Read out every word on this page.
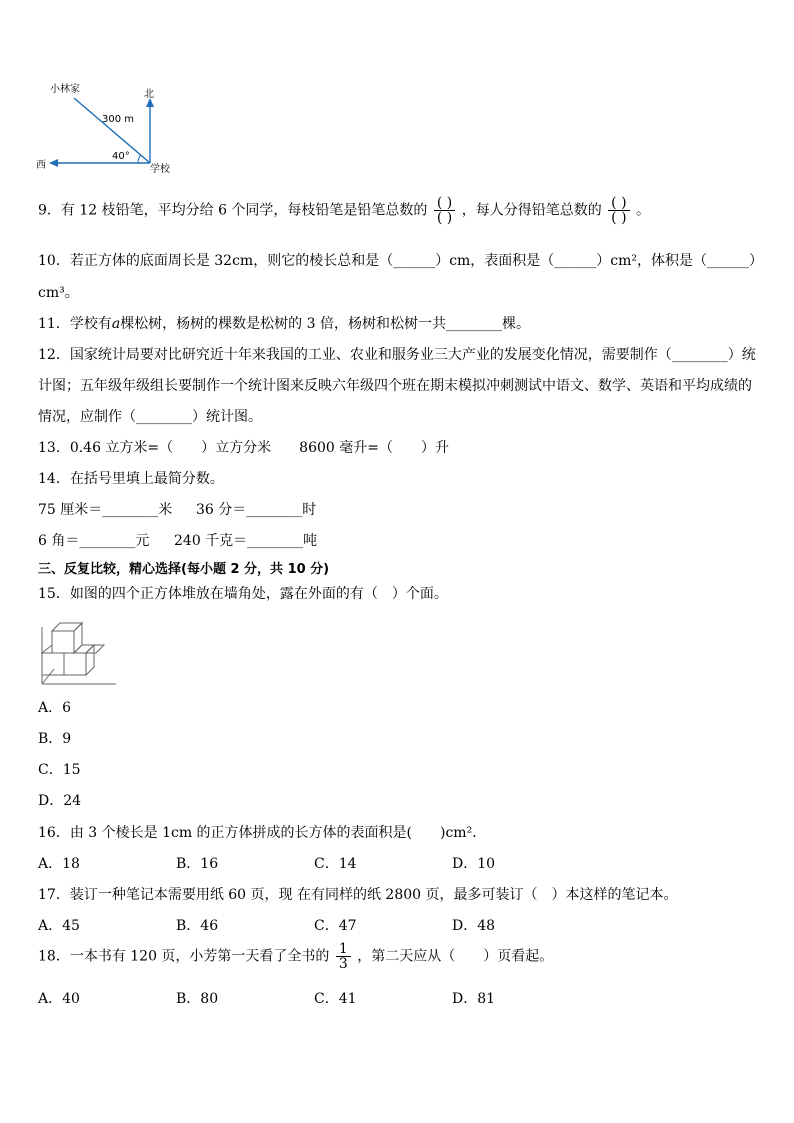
小林家
300 m
北
西
40°
学校
9．有 12 枝铅笔，平均分给 6 个同学，每枝铅笔是铅笔总数的 $\frac{( )}{( )}$ ，每人分得铅笔总数的 $\frac{( )}{( )}$ 。
10．若正方体的底面周长是 32cm，则它的棱长总和是（______）cm，表面积是（______）cm²，体积是（______）
cm³。
11．学校有a棵松树，杨树的棵数是松树的 3 倍，杨树和松树一共________棵。
12．国家统计局要对比研究近十年来我国的工业、农业和服务业三大产业的发展变化情况，需要制作（________）统
计图；五年级年级组长要制作一个统计图来反映六年级四个班在期末模拟冲刺测试中语文、数学、英语和平均成绩的
情况，应制作（________）统计图。
13．0.46 立方米=（　　）立方分米　　8600 毫升=（　　）升
14．在括号里填上最简分数。
75 厘米＝________米 36 分＝________时
6 角＝________元 240 千克＝________吨
三、反复比较，精心选择(每小题 2 分，共 10 分)
15．如图的四个正方体堆放在墙角处，露在外面的有（　）个面。
A．6
B．9
C．15
D．24
16．由 3 个棱长是 1cm 的正方体拼成的长方体的表面积是(　　)cm²．
A．18	B．16	C．14	D．10
17．装订一种笔记本需要用纸 60 页，现 在有同样的纸 2800 页，最多可装订（　）本这样的笔记本。
A．45	B．46	C．47	D．48
18．一本书有 120 页，小芳第一天看了全书的 $\frac{1}{3}$ ，第二天应从（　　）页看起。
A．40	B．80	C．41	D．81
